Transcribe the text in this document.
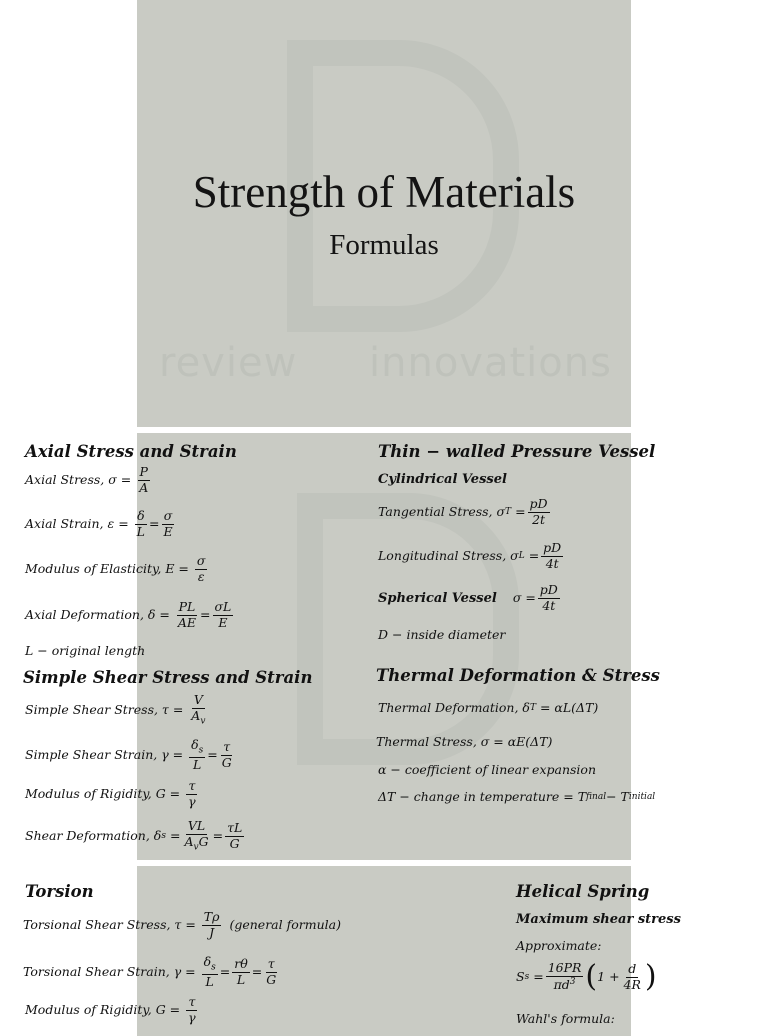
review innovations
Strength of Materials
Formulas
Axial Stress and Strain
Axial Stress, σ =
P
A
Axial Strain, ε =
δ
L
=
σ
E
Modulus of Elasticity, E =
σ
ε
Axial Deformation, δ =
PL
AE
=
σL
E
L − original length
Thin − walled Pressure Vessel
Cylindrical Vessel
Tangential Stress, σ T =
pD
2t
Longitudinal Stress, σ L =
pD
4t
Spherical Vessel $\sigma = \frac{pD}{4t}$
D − inside diameter
Simple Shear Stress and Strain
Simple Shear Stress, τ =
V
$A_v$
Simple Shear Strain, γ =
$\delta_s$
L
=
τ
G
Modulus of Rigidity, G =
τ
γ
Shear Deformation, δ s =
VL
$A_vG$ =
τL
G
Thermal Deformation & Stress
Thermal Deformation, δ T = αL(ΔT)
Thermal Stress, σ = αE(ΔT)
α − coefficient of linear expansion
ΔT − change in temperature = T final − T initial
Torsion
Torsional Shear Stress, τ =
Tρ
J
(general formula)
Torsional Shear Strain, γ =
$\delta_s$
L
=
rθ
L
=
τ
G
Modulus of Rigidity, G =
τ
γ
Helical Spring
Maximum shear stress
Approximate:
S s =
16PR
$\pi d^3$ ( 1 +
d
4R )
Wahl's formula:
